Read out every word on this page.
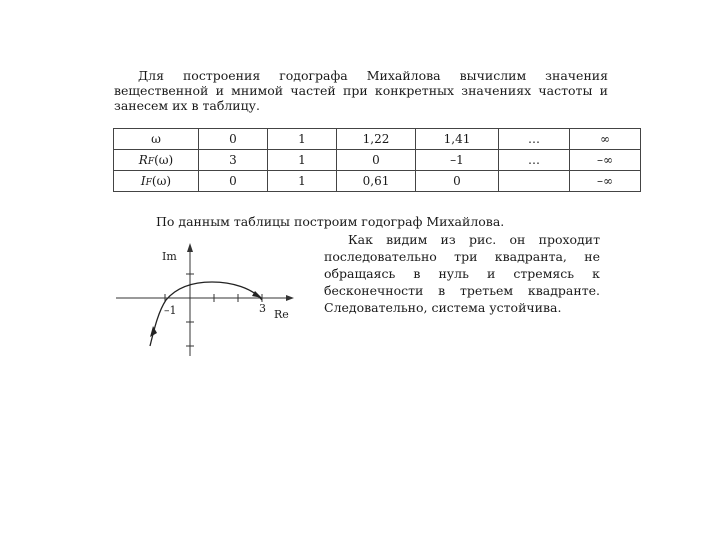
Для построения годографа Михайлова вычислим значения вещественной и мнимой частей при конкретных значениях частоты и занесем их в таблицу.

ω	0	1	1,22	1,41	…	∞
RF(ω)	3	1	0	–1	…	–∞
IF(ω)	0	1	0,61	0		–∞

По данным таблицы построим годограф Михайлова.

Как видим из рис. он проходит последовательно три квадранта, не обращаясь в нуль и стремясь к бесконечности в третьем квадранте. Следовательно, система устойчива.

Im
Re
–1	3
